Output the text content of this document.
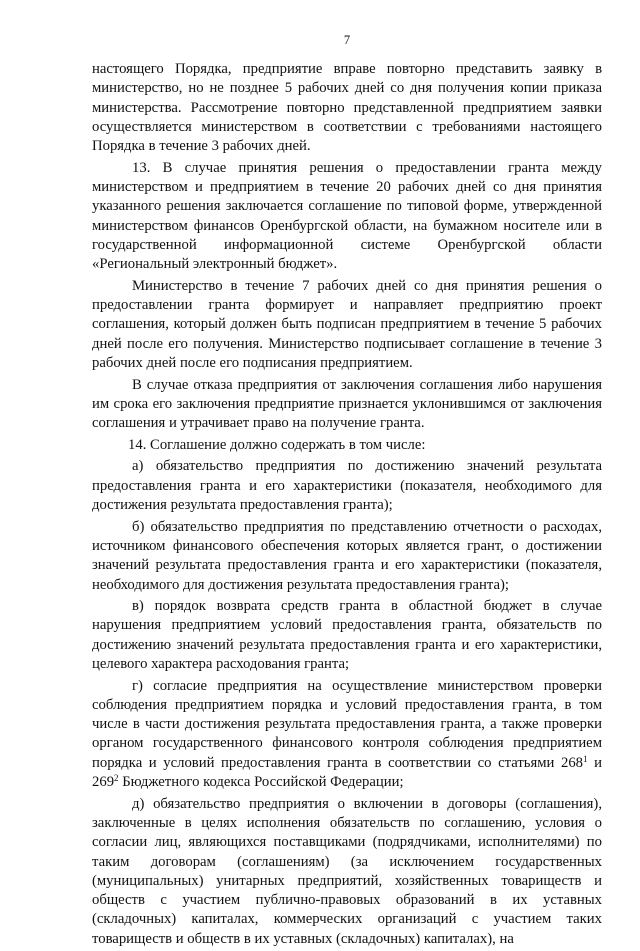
7

настоящего Порядка, предприятие вправе повторно представить заявку в министерство, но не позднее 5 рабочих дней со дня получения копии приказа министерства. Рассмотрение повторно представленной предприятием заявки осуществляется министерством в соответствии с требованиями настоящего Порядка в течение 3 рабочих дней.

13. В случае принятия решения о предоставлении гранта между министерством и предприятием в течение 20 рабочих дней со дня принятия указанного решения заключается соглашение по типовой форме, утвержденной министерством финансов Оренбургской области, на бумажном носителе или в государственной информационной системе Оренбургской области «Региональный электронный бюджет».

Министерство в течение 7 рабочих дней со дня принятия решения о предоставлении гранта формирует и направляет предприятию проект соглашения, который должен быть подписан предприятием в течение 5 рабочих дней после его получения. Министерство подписывает соглашение в течение 3 рабочих дней после его подписания предприятием.

В случае отказа предприятия от заключения соглашения либо нарушения им срока его заключения предприятие признается уклонившимся от заключения соглашения и утрачивает право на получение гранта.

14. Соглашение должно содержать в том числе:

а) обязательство предприятия по достижению значений результата предоставления гранта и его характеристики (показателя, необходимого для достижения результата предоставления гранта);

б) обязательство предприятия по представлению отчетности о расходах, источником финансового обеспечения которых является грант, о достижении значений результата предоставления гранта и его характеристики (показателя, необходимого для достижения результата предоставления гранта);

в) порядок возврата средств гранта в областной бюджет в случае нарушения предприятием условий предоставления гранта, обязательств по достижению значений результата предоставления гранта и его характеристики, целевого характера расходования гранта;

г) согласие предприятия на осуществление министерством проверки соблюдения предприятием порядка и условий предоставления гранта, в том числе в части достижения результата предоставления гранта, а также проверки органом государственного финансового контроля соблюдения предприятием порядка и условий предоставления гранта в соответствии со статьями $268^1$ и $269^2$ Бюджетного кодекса Российской Федерации;

д) обязательство предприятия о включении в договоры (соглашения), заключенные в целях исполнения обязательств по соглашению, условия о согласии лиц, являющихся поставщиками (подрядчиками, исполнителями) по таким договорам (соглашениям) (за исключением государственных (муниципальных) унитарных предприятий, хозяйственных товариществ и обществ с участием публично-правовых образований в их уставных (складочных) капиталах, коммерческих организаций с участием таких товариществ и обществ в их уставных (складочных) капиталах), на
